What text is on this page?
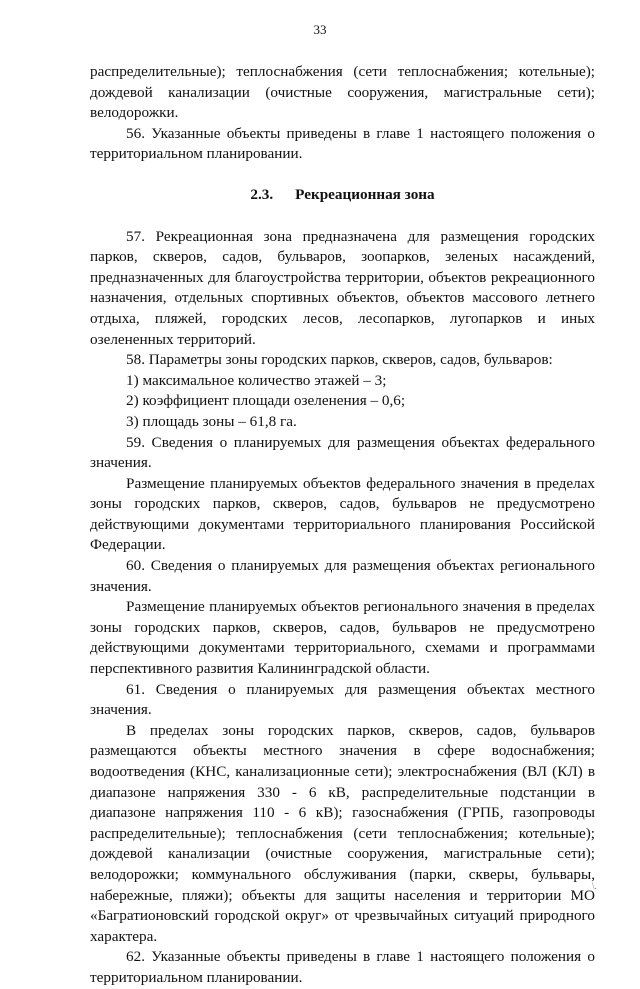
33

распределительные); теплоснабжения (сети теплоснабжения; котельные); дождевой канализации (очистные сооружения, магистральные сети); велодорожки.

56. Указанные объекты приведены в главе 1 настоящего положения о территориальном планировании.

2.3. Рекреационная зона

57. Рекреационная зона предназначена для размещения городских парков, скверов, садов, бульваров, зоопарков, зеленых насаждений, предназначенных для благоустройства территории, объектов рекреационного назначения, отдельных спортивных объектов, объектов массового летнего отдыха, пляжей, городских лесов, лесопарков, лугопарков и иных озелененных территорий.

58. Параметры зоны городских парков, скверов, садов, бульваров:

1) максимальное количество этажей – 3;

2) коэффициент площади озеленения – 0,6;

3) площадь зоны – 61,8 га.

59. Сведения о планируемых для размещения объектах федерального значения.

Размещение планируемых объектов федерального значения в пределах зоны городских парков, скверов, садов, бульваров не предусмотрено действующими документами территориального планирования Российской Федерации.

60. Сведения о планируемых для размещения объектах регионального значения.

Размещение планируемых объектов регионального значения в пределах зоны городских парков, скверов, садов, бульваров не предусмотрено действующими документами территориального, схемами и программами перспективного развития Калининградской области.

61. Сведения о планируемых для размещения объектах местного значения.

В пределах зоны городских парков, скверов, садов, бульваров размещаются объекты местного значения в сфере водоснабжения; водоотведения (КНС, канализационные сети); электроснабжения (ВЛ (КЛ) в диапазоне напряжения 330 - 6 кВ, распределительные подстанции в диапазоне напряжения 110 - 6 кВ); газоснабжения (ГРПБ, газопроводы распределительные); теплоснабжения (сети теплоснабжения; котельные); дождевой канализации (очистные сооружения, магистральные сети); велодорожки; коммунального обслуживания (парки, скверы, бульвары, набережные, пляжи); объекты для защиты населения и территории МО «Багратионовский городской округ» от чрезвычайных ситуаций природного характера.

62. Указанные объекты приведены в главе 1 настоящего положения о территориальном планировании.

\.
